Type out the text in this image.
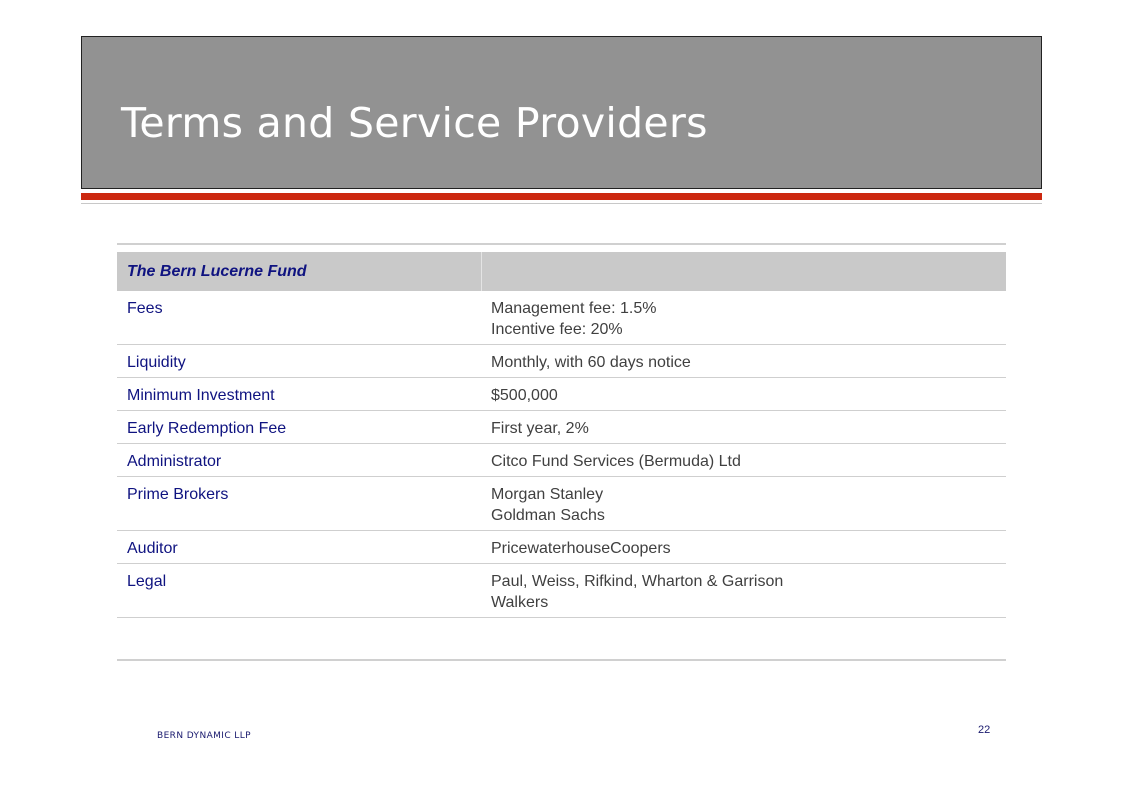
Terms and Service Providers

The Bern Lucerne Fund	
Fees	Management fee: 1.5%
Incentive fee: 20%

Liquidity	Monthly, with 60 days notice

Minimum Investment	$500,000

Early Redemption Fee	First year, 2%

Administrator	Citco Fund Services (Bermuda) Ltd

Prime Brokers	Morgan Stanley
Goldman Sachs

Auditor	PricewaterhouseCoopers

Legal	Paul, Weiss, Rifkind, Wharton & Garrison
Walkers
BERN DYNAMIC LLP	22
